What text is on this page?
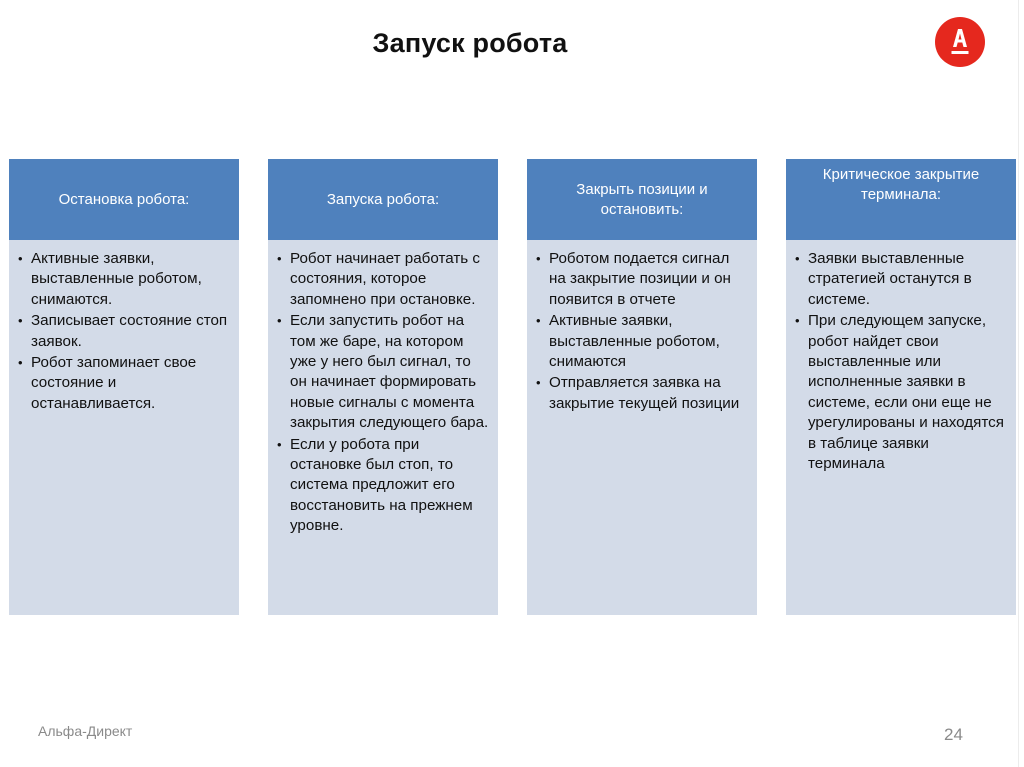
Запуск робота
Остановка робота:
• Активные заявки, выставленные роботом, снимаются.
• Записывает состояние стоп заявок.
• Робот запоминает свое состояние и останавливается.
Запуска робота:
• Робот начинает работать с состояния, которое запомнено при остановке.
• Если запустить робот на том же баре, на котором уже у него был сигнал, то он начинает формировать новые сигналы с момента закрытия следующего бара.
• Если у робота при остановке был стоп, то система предложит его восстановить на прежнем уровне.
Закрыть позиции и остановить:
• Роботом подается сигнал на закрытие позиции и он появится в отчете
• Активные заявки, выставленные роботом, снимаются
• Отправляется заявка на закрытие текущей позиции
Критическое закрытие терминала:
• Заявки выставленные стратегией останутся в системе.
• При следующем запуске, робот найдет свои выставленные или исполненные заявки в системе, если они еще не урегулированы и находятся в таблице заявки терминала
Альфа-Директ	24
